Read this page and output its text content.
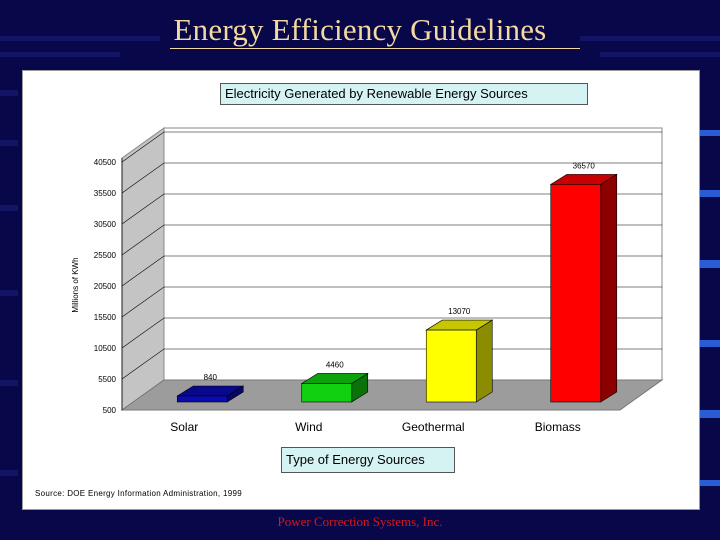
Energy Efficiency Guidelines
Electricity Generated by Renewable Energy Sources
Type of Energy Sources
Source: DOE Energy Information Administration, 1999
500
5500
10500
15500
20500
25500
30500
35500
40500
Millions of KWh
840
Solar
4460
Wind
13070
Geothermal
36570
Biomass
Power Correction Systems, Inc.
